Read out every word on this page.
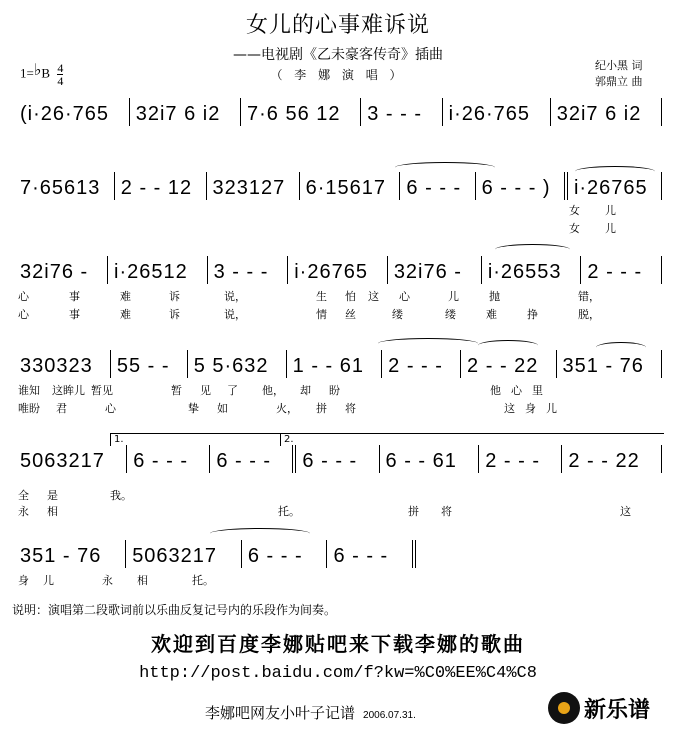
女儿的心事难诉说
——电视剧《乙未豪客传奇》插曲
（ 李 娜 演 唱 ）
纪小黑 词
郭鼎立 曲
1=♭B $\frac{4}{4}$
(i·26·765	32i7 6 i2	7·6 56 12	3 - - -	i·26·765	32i7 6 i2
7·65613	2 - - 12	323127	6·15617	6 - - -	6 - - - )	i·26765
女 儿
女 儿
32i76 -	i·26512	3 - - -	i·26765	32i76 -	i·26553	2 - - -
心	事	难	诉	说，	生 怕 这 心	儿	抛	错，
心	事	难	诉	说，	情 丝	缕	缕	难	挣	脱，
330323	55 - -	5 5·632	1 - - 61	2 - - -	2 - - 22	351 - 76
谁知 这眸儿 暂见	暂 见 了 他， 却 盼	他 心 里
唯盼 君	心	挚 如	火， 拼 将	这 身 儿
1.	2.
5063217	6 - - -	6 - - -	6 - - -	6 - - 61	2 - - -	2 - - 22
全 是	我。
永 相	托。	拼 将	这
351 - 76	5063217	6 - - -	6 - - -
身 儿	永 相	托。
说明：演唱第二段歌词前以乐曲反复记号内的乐段作为间奏。
欢迎到百度李娜贴吧来下载李娜的歌曲
http://post.baidu.com/f?kw=%C0%EE%C4%C8
李娜吧网友小叶子记谱 2006.07.31.	新乐谱
